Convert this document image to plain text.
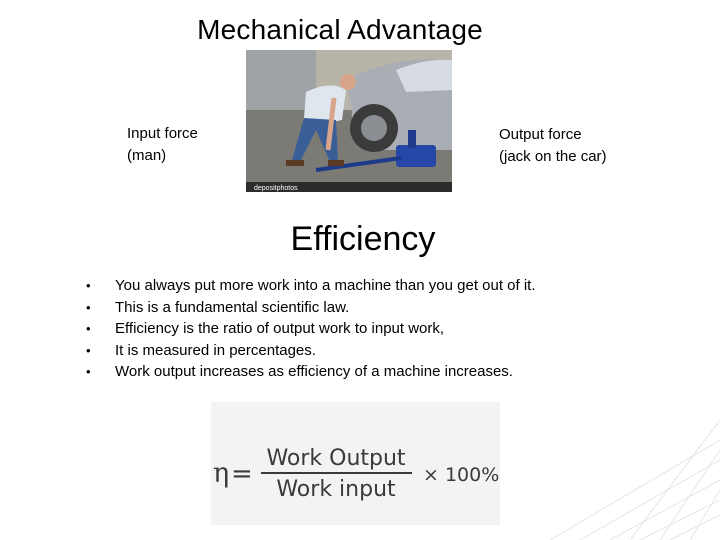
Mechanical Advantage
depositphotos
Input force
(man)
Output force
(jack on the car)
Efficiency
• You always put more work into a machine than you get out of it.
• This is a fundamental scientific law.
• Efficiency is the ratio of output work to input work,
• It is measured in percentages.
• Work output increases as efficiency of a machine increases.
η =
Work Output
Work input
× 100%
